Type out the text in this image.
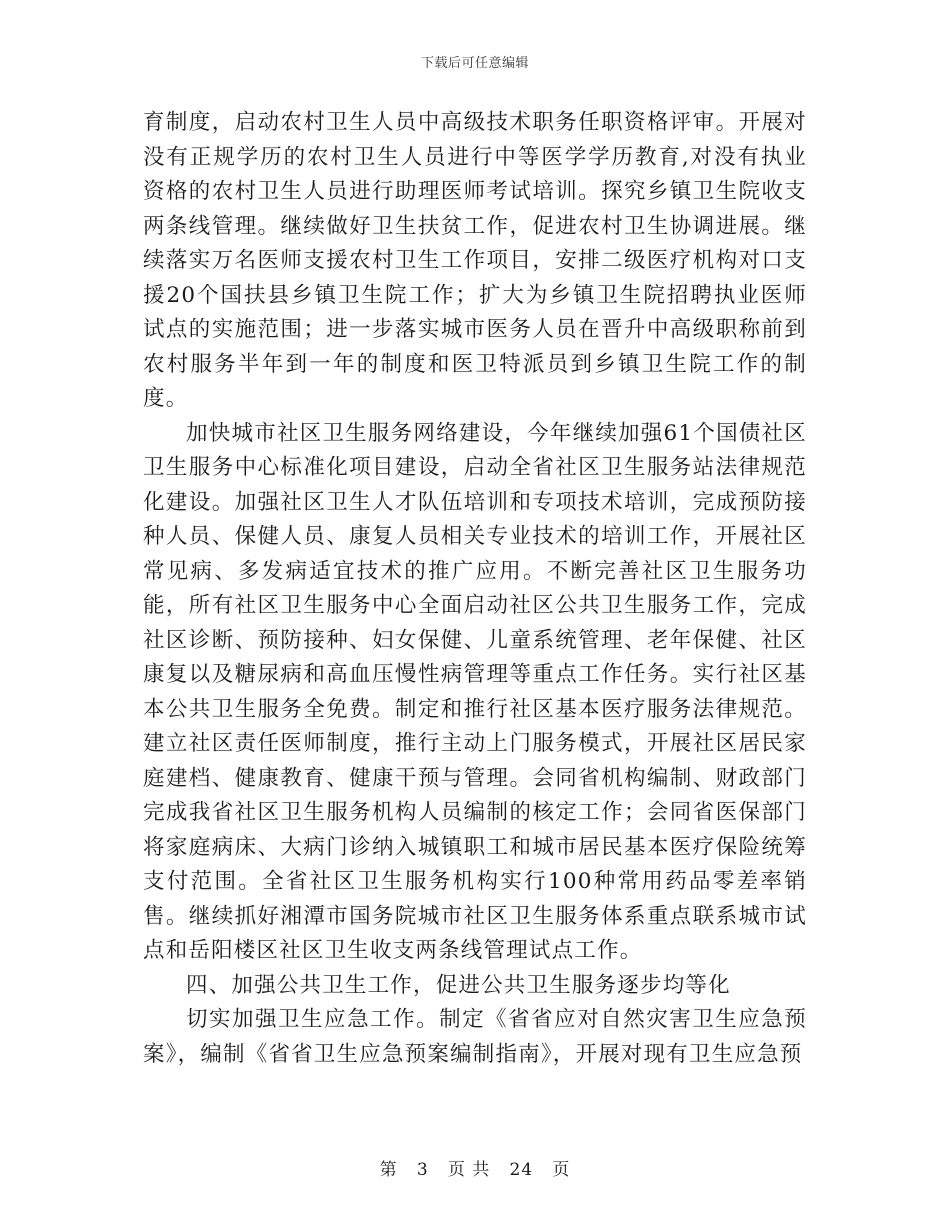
下载后可任意编辑

育制度，启动农村卫生人员中高级技术职务任职资格评审。开展对没有正规学历的农村卫生人员进行中等医学学历教育,对没有执业资格的农村卫生人员进行助理医师考试培训。探究乡镇卫生院收支两条线管理。继续做好卫生扶贫工作，促进农村卫生协调进展。继续落实万名医师支援农村卫生工作项目，安排二级医疗机构对口支援20个国扶县乡镇卫生院工作；扩大为乡镇卫生院招聘执业医师试点的实施范围；进一步落实城市医务人员在晋升中高级职称前到农村服务半年到一年的制度和医卫特派员到乡镇卫生院工作的制度。

加快城市社区卫生服务网络建设，今年继续加强61个国债社区卫生服务中心标准化项目建设，启动全省社区卫生服务站法律规范化建设。加强社区卫生人才队伍培训和专项技术培训，完成预防接种人员、保健人员、康复人员相关专业技术的培训工作，开展社区常见病、多发病适宜技术的推广应用。不断完善社区卫生服务功能，所有社区卫生服务中心全面启动社区公共卫生服务工作，完成社区诊断、预防接种、妇女保健、儿童系统管理、老年保健、社区康复以及糖尿病和高血压慢性病管理等重点工作任务。实行社区基本公共卫生服务全免费。制定和推行社区基本医疗服务法律规范。建立社区责任医师制度，推行主动上门服务模式，开展社区居民家庭建档、健康教育、健康干预与管理。会同省机构编制、财政部门完成我省社区卫生服务机构人员编制的核定工作；会同省医保部门将家庭病床、大病门诊纳入城镇职工和城市居民基本医疗保险统筹支付范围。全省社区卫生服务机构实行100种常用药品零差率销售。继续抓好湘潭市国务院城市社区卫生服务体系重点联系城市试点和岳阳楼区社区卫生收支两条线管理试点工作。

四、加强公共卫生工作，促进公共卫生服务逐步均等化

切实加强卫生应急工作。制定《省省应对自然灾害卫生应急预案》，编制《省省卫生应急预案编制指南》，开展对现有卫生应急预

第 3 页 共 24 页
